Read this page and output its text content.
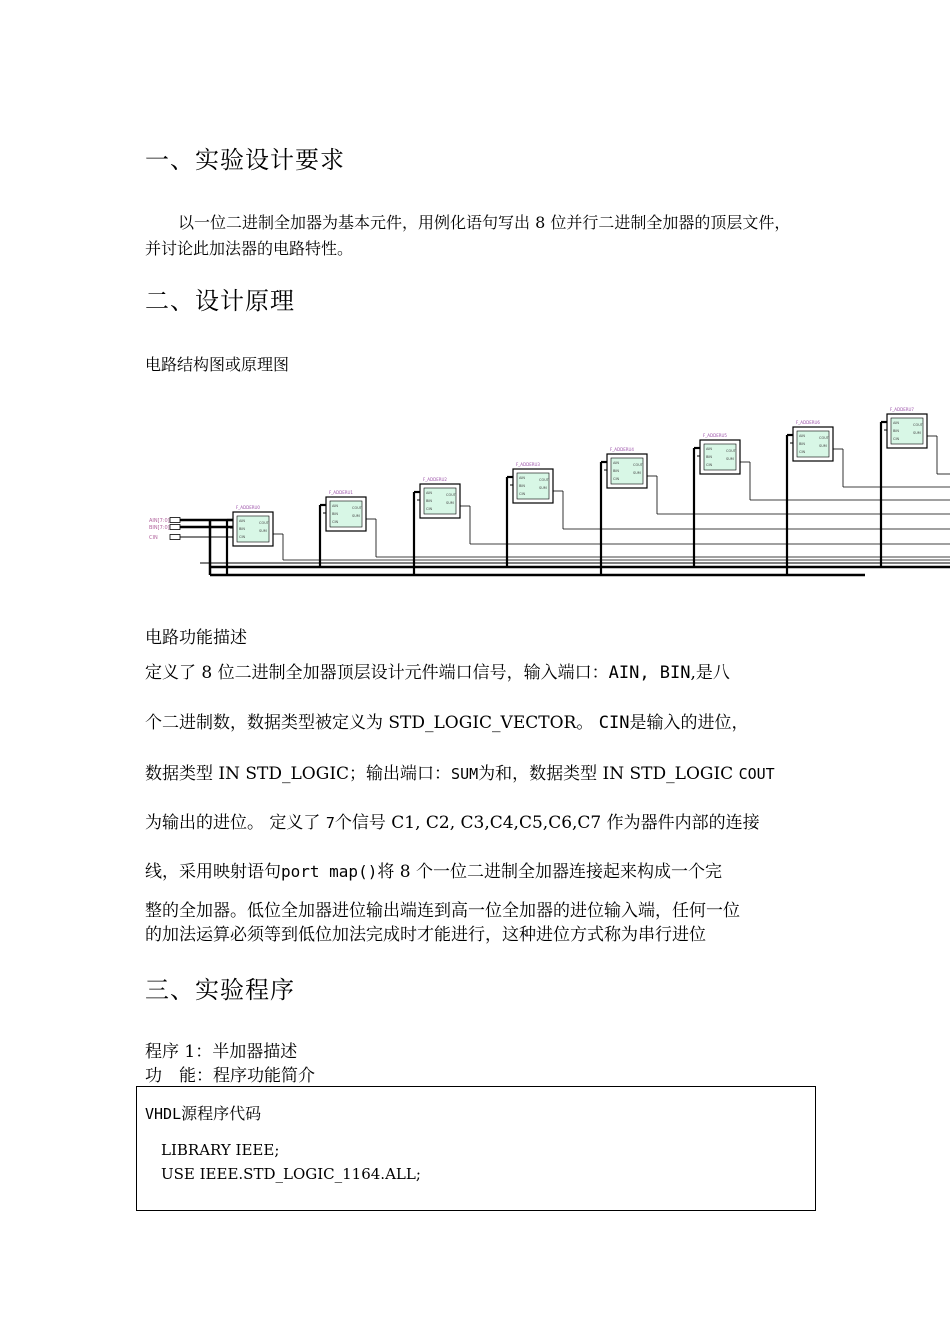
一、实验设计要求
以一位二进制全加器为基本元件，用例化语句写出 8 位并行二进制全加器的顶层文件，
并讨论此加法器的电路特性。
二、设计原理
电路结构图或原理图
AIN[7:0]
BIN[7:0]
CIN
F_ADDERU0
AIN
BIN
CIN
COUT
SUM
F_ADDERU1
AIN
BIN
CIN
COUT
SUM
F_ADDERU2
AIN
BIN
CIN
COUT
SUM
F_ADDERU3
AIN
BIN
CIN
COUT
SUM
F_ADDERU4
AIN
BIN
CIN
COUT
SUM
F_ADDERU5
AIN
BIN
CIN
COUT
SUM
F_ADDERU6
AIN
BIN
CIN
COUT
SUM
F_ADDERU7
AIN
BIN
CIN
COUT
SUM
电路功能描述
定义了 8 位二进制全加器顶层设计元件端口信号，输入端口：AIN, BIN,是八
个二进制数，数据类型被定义为 STD_LOGIC_VECTOR。 CIN是输入的进位，
数据类型 IN STD_LOGIC；输出端口：SUM为和，数据类型 IN STD_LOGIC COUT
为输出的进位。 定义了 7个信号 C1, C2, C3,C4,C5,C6,C7 作为器件内部的连接
线，采用映射语句port map()将 8 个一位二进制全加器连接起来构成一个完
整的全加器。低位全加器进位输出端连到高一位全加器的进位输入端，任何一位
的加法运算必须等到低位加法完成时才能进行，这种进位方式称为串行进位
三、实验程序
程序 1：半加器描述
功　能：程序功能简介
VHDL源程序代码
LIBRARY IEEE;
USE IEEE.STD_LOGIC_1164.ALL;
